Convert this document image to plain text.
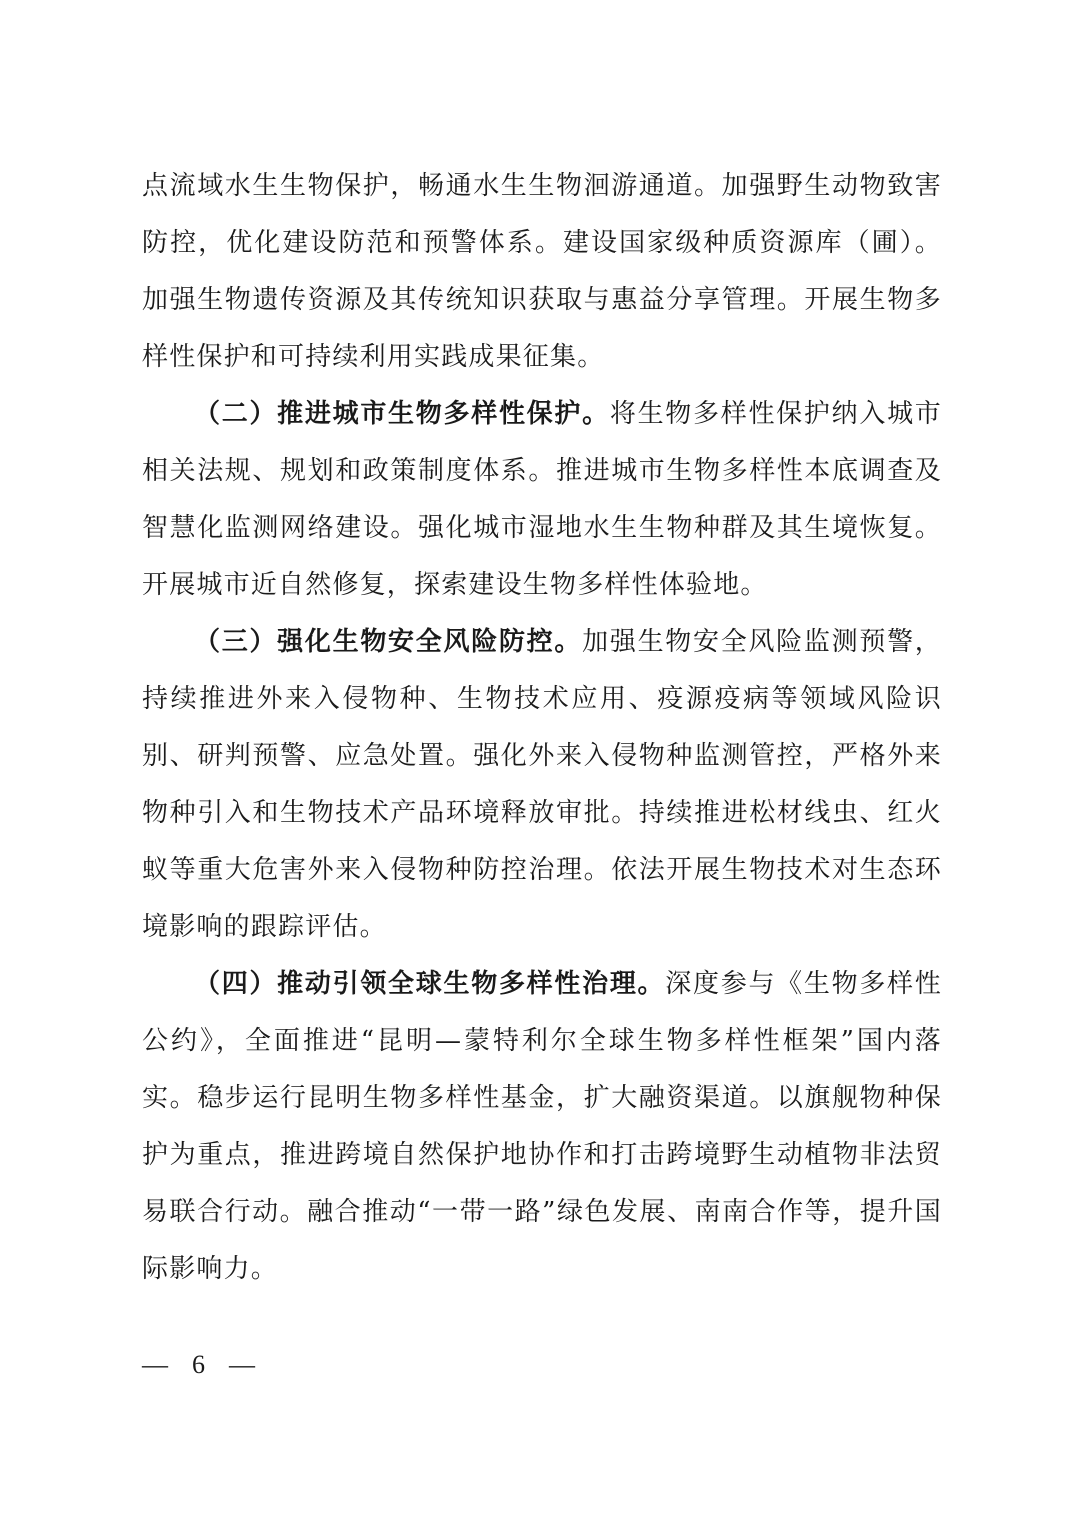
点流域水生生物保护，畅通水生生物洄游通道。加强野生动物致害防控，优化建设防范和预警体系。建设国家级种质资源库（圃）。加强生物遗传资源及其传统知识获取与惠益分享管理。开展生物多样性保护和可持续利用实践成果征集。

（二）推进城市生物多样性保护。将生物多样性保护纳入城市相关法规、规划和政策制度体系。推进城市生物多样性本底调查及智慧化监测网络建设。强化城市湿地水生生物种群及其生境恢复。开展城市近自然修复，探索建设生物多样性体验地。

（三）强化生物安全风险防控。加强生物安全风险监测预警，持续推进外来入侵物种、生物技术应用、疫源疫病等领域风险识别、研判预警、应急处置。强化外来入侵物种监测管控，严格外来物种引入和生物技术产品环境释放审批。持续推进松材线虫、红火蚁等重大危害外来入侵物种防控治理。依法开展生物技术对生态环境影响的跟踪评估。

（四）推动引领全球生物多样性治理。深度参与《生物多样性公约》，全面推进“昆明—蒙特利尔全球生物多样性框架”国内落实。稳步运行昆明生物多样性基金，扩大融资渠道。以旗舰物种保护为重点，推进跨境自然保护地协作和打击跨境野生动植物非法贸易联合行动。融合推动“一带一路”绿色发展、南南合作等，提升国际影响力。

— 6 —
